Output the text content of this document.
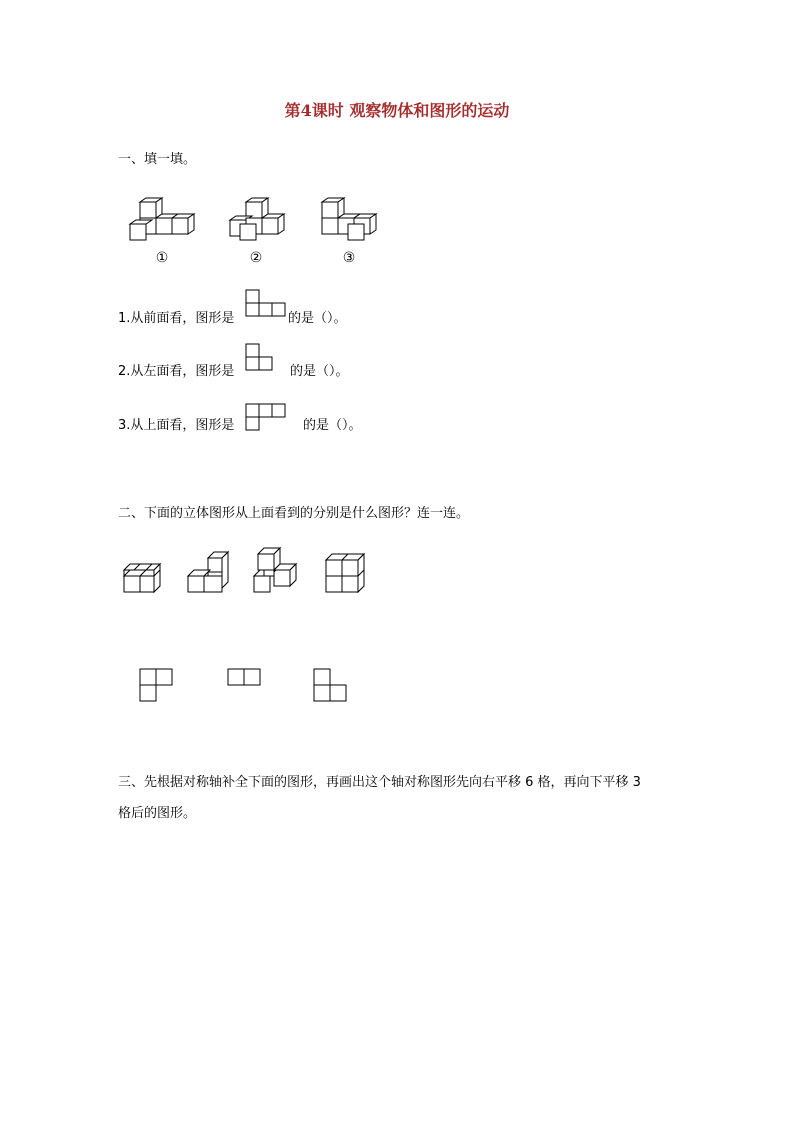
第4课时 观察物体和图形的运动
一、填一填。
①	②	③
1.从前面看，图形是	的是（）。
2.从左面看，图形是	的是（）。
3.从上面看，图形是	的是（）。
二、下面的立体图形从上面看到的分别是什么图形？连一连。
三、先根据对称轴补全下面的图形，再画出这个轴对称图形先向右平移 6 格，再向下平移 3
格后的图形。
